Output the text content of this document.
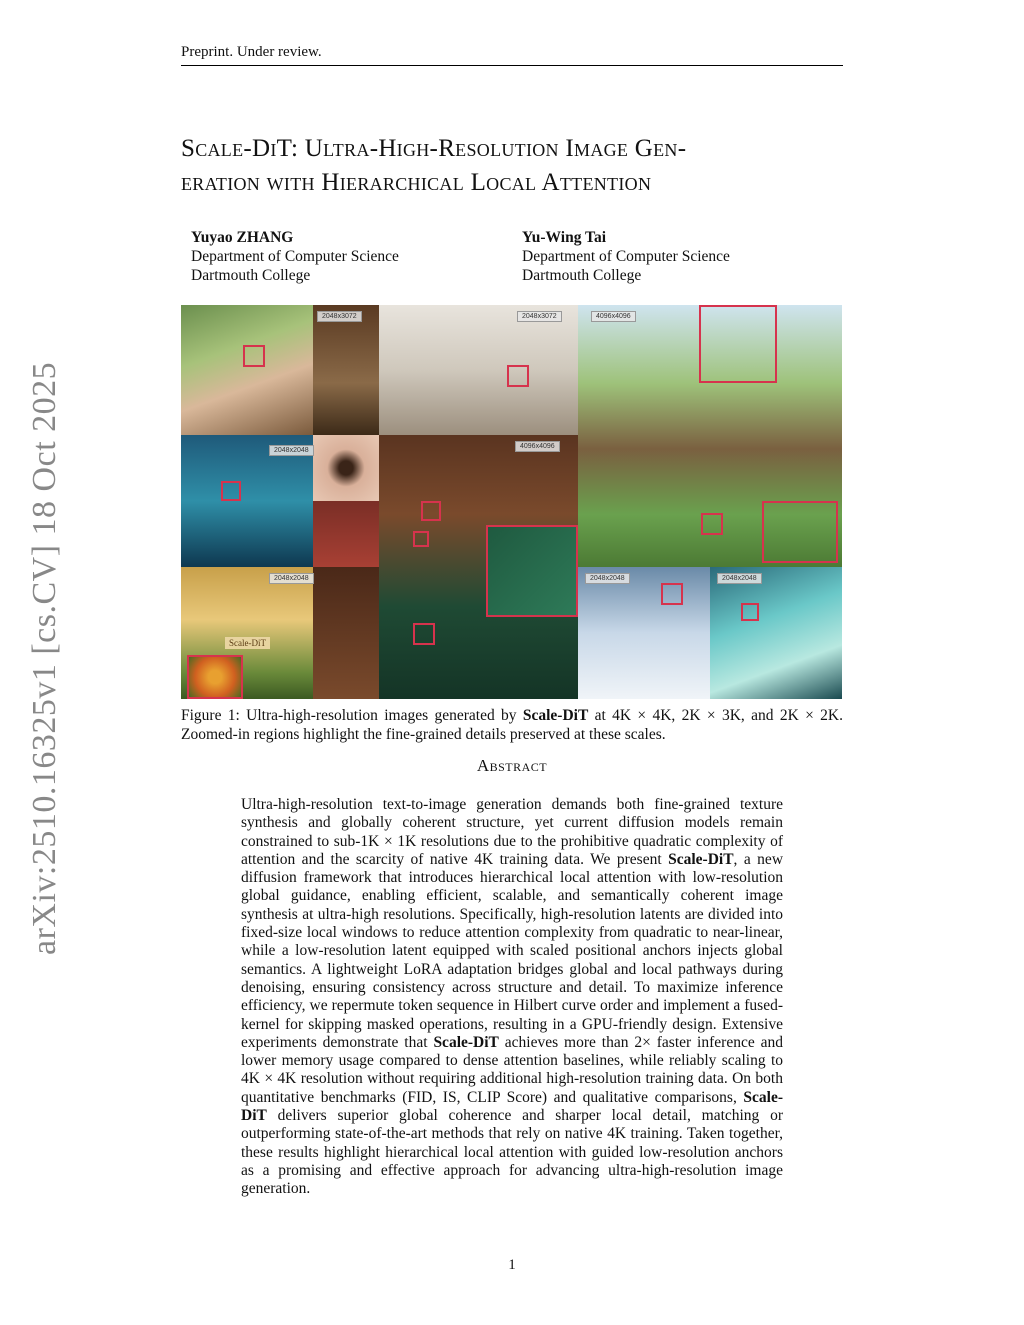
Preprint. Under review.
Scale-DiT: Ultra-High-Resolution Image Gen-
eration with Hierarchical Local Attention
Yuyao ZHANG
Department of Computer Science
Dartmouth College
Yu-Wing Tai
Department of Computer Science
Dartmouth College
arXiv:2510.16325v1 [cs.CV] 18 Oct 2025
2048x3072	2048x3072	4096x4096
2048x2048
4096x4096
2048x2048	2048x2048	2048x2048
Scale-DiT
Figure 1: Ultra-high-resolution images generated by Scale-DiT at 4K × 4K, 2K × 3K, and 2K × 2K. Zoomed-in regions highlight the fine-grained details preserved at these scales.
Abstract
Ultra-high-resolution text-to-image generation demands both fine-grained texture synthesis and globally coherent structure, yet current diffusion models remain constrained to sub-1K × 1K resolutions due to the prohibitive quadratic complexity of attention and the scarcity of native 4K training data. We present Scale-DiT, a new diffusion framework that introduces hierarchical local attention with low-resolution global guidance, enabling efficient, scalable, and semantically coherent image synthesis at ultra-high resolutions. Specifically, high-resolution latents are divided into fixed-size local windows to reduce attention complexity from quadratic to near-linear, while a low-resolution latent equipped with scaled positional anchors injects global semantics. A lightweight LoRA adaptation bridges global and local pathways during denoising, ensuring consistency across structure and detail. To maximize inference efficiency, we repermute token sequence in Hilbert curve order and implement a fused-kernel for skipping masked operations, resulting in a GPU-friendly design. Extensive experiments demonstrate that Scale-DiT achieves more than 2× faster inference and lower memory usage compared to dense attention baselines, while reliably scaling to 4K × 4K resolution without requiring additional high-resolution training data. On both quantitative benchmarks (FID, IS, CLIP Score) and qualitative comparisons, Scale-DiT delivers superior global coherence and sharper local detail, matching or outperforming state-of-the-art methods that rely on native 4K training. Taken together, these results highlight hierarchical local attention with guided low-resolution anchors as a promising and effective approach for advancing ultra-high-resolution image generation.
1
